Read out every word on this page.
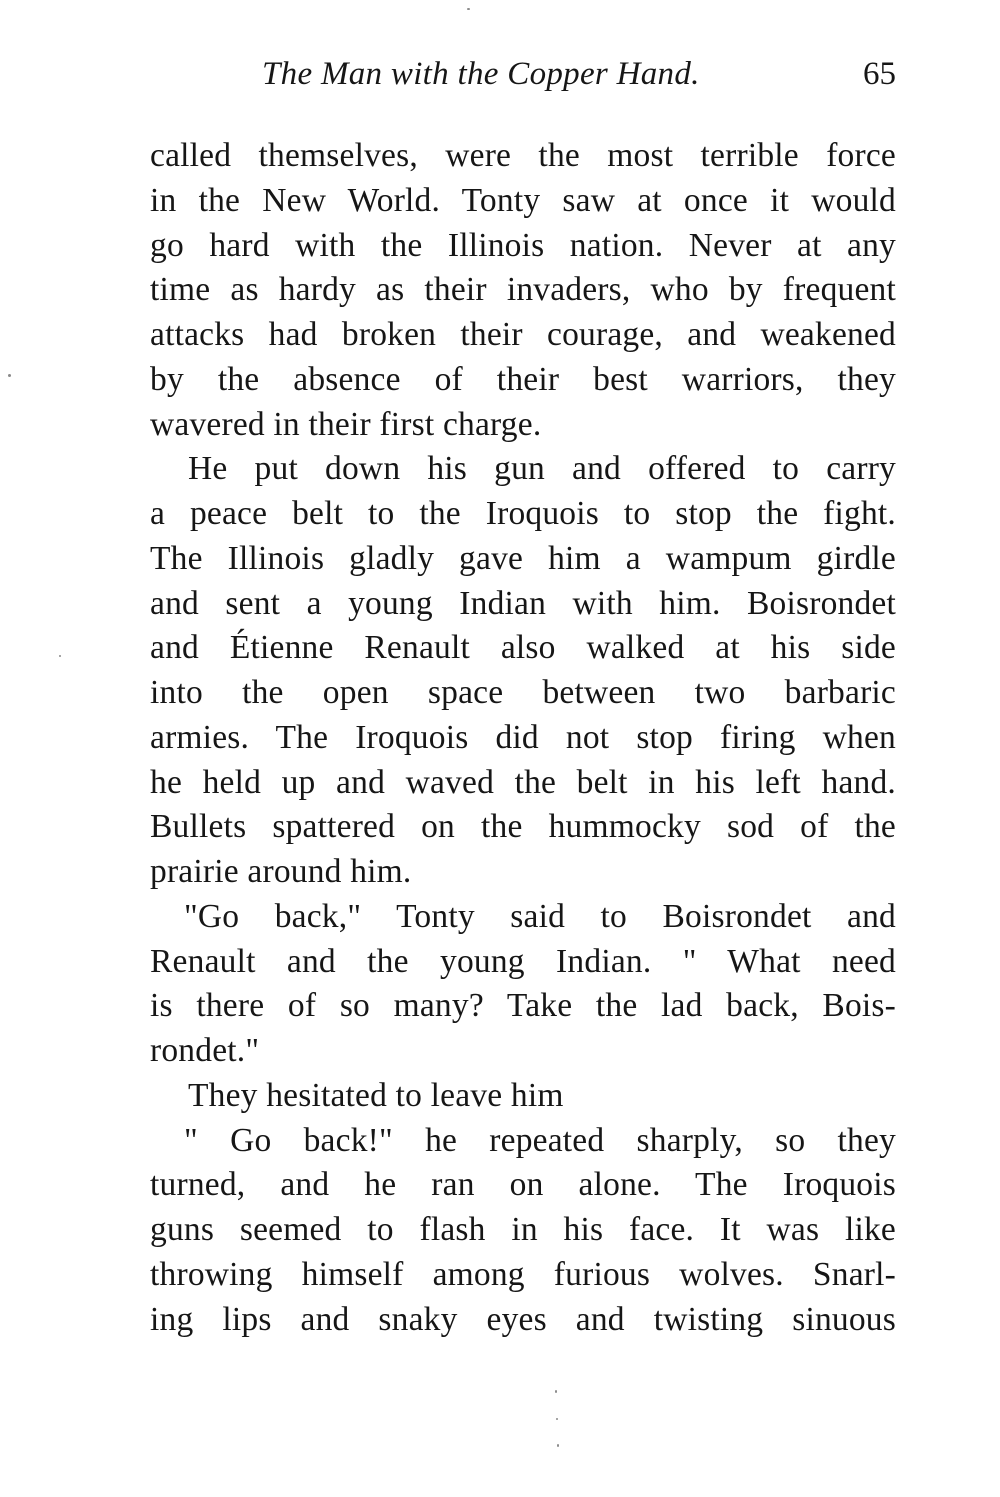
The Man with the Copper Hand.	65
called themselves, were the most terrible force
in the New World. Tonty saw at once it would
go hard with the Illinois nation. Never at any
time as hardy as their invaders, who by frequent
attacks had broken their courage, and weakened
by the absence of their best warriors, they
wavered in their first charge.
He put down his gun and offered to carry
a peace belt to the Iroquois to stop the fight.
The Illinois gladly gave him a wampum girdle
and sent a young Indian with him. Boisrondet
and Étienne Renault also walked at his side
into the open space between two barbaric
armies. The Iroquois did not stop firing when
he held up and waved the belt in his left hand.
Bullets spattered on the hummocky sod of the
prairie around him.
"Go back," Tonty said to Boisrondet and
Renault and the young Indian. " What need
is there of so many? Take the lad back, Bois-
rondet."
They hesitated to leave him
" Go back!" he repeated sharply, so they
turned, and he ran on alone. The Iroquois
guns seemed to flash in his face. It was like
throwing himself among furious wolves. Snarl-
ing lips and snaky eyes and twisting sinuous
